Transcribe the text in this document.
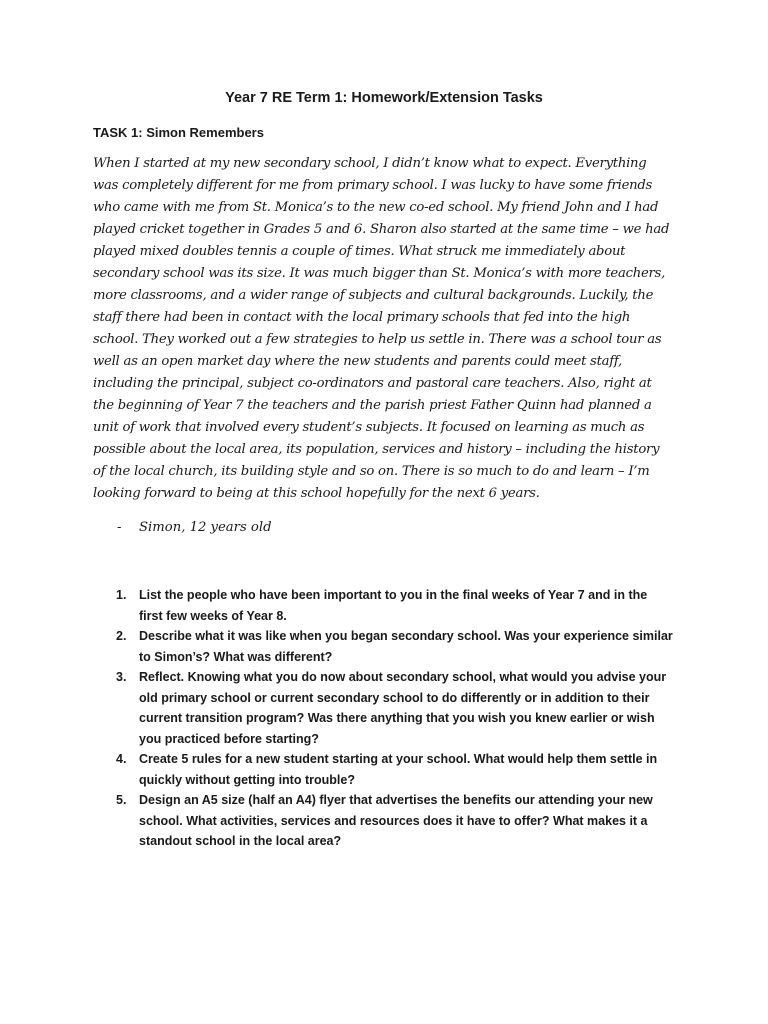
Year 7 RE Term 1: Homework/Extension Tasks
TASK 1: Simon Remembers

When I started at my new secondary school, I didn’t know what to expect. Everything was completely different for me from primary school. I was lucky to have some friends who came with me from St. Monica’s to the new co-ed school. My friend John and I had played cricket together in Grades 5 and 6. Sharon also started at the same time – we had played mixed doubles tennis a couple of times. What struck me immediately about secondary school was its size. It was much bigger than St. Monica’s with more teachers, more classrooms, and a wider range of subjects and cultural backgrounds. Luckily, the staff there had been in contact with the local primary schools that fed into the high school. They worked out a few strategies to help us settle in. There was a school tour as well as an open market day where the new students and parents could meet staff, including the principal, subject co-ordinators and pastoral care teachers. Also, right at the beginning of Year 7 the teachers and the parish priest Father Quinn had planned a unit of work that involved every student’s subjects. It focused on learning as much as possible about the local area, its population, services and history – including the history of the local church, its building style and so on. There is so much to do and learn – I’m looking forward to being at this school hopefully for the next 6 years.

- Simon, 12 years old
1. List the people who have been important to you in the final weeks of Year 7 and in the first few weeks of Year 8.
2. Describe what it was like when you began secondary school. Was your experience similar to Simon’s? What was different?
3. Reflect. Knowing what you do now about secondary school, what would you advise your old primary school or current secondary school to do differently or in addition to their current transition program? Was there anything that you wish you knew earlier or wish you practiced before starting?
4. Create 5 rules for a new student starting at your school. What would help them settle in quickly without getting into trouble?
5. Design an A5 size (half an A4) flyer that advertises the benefits our attending your new school. What activities, services and resources does it have to offer? What makes it a standout school in the local area?
